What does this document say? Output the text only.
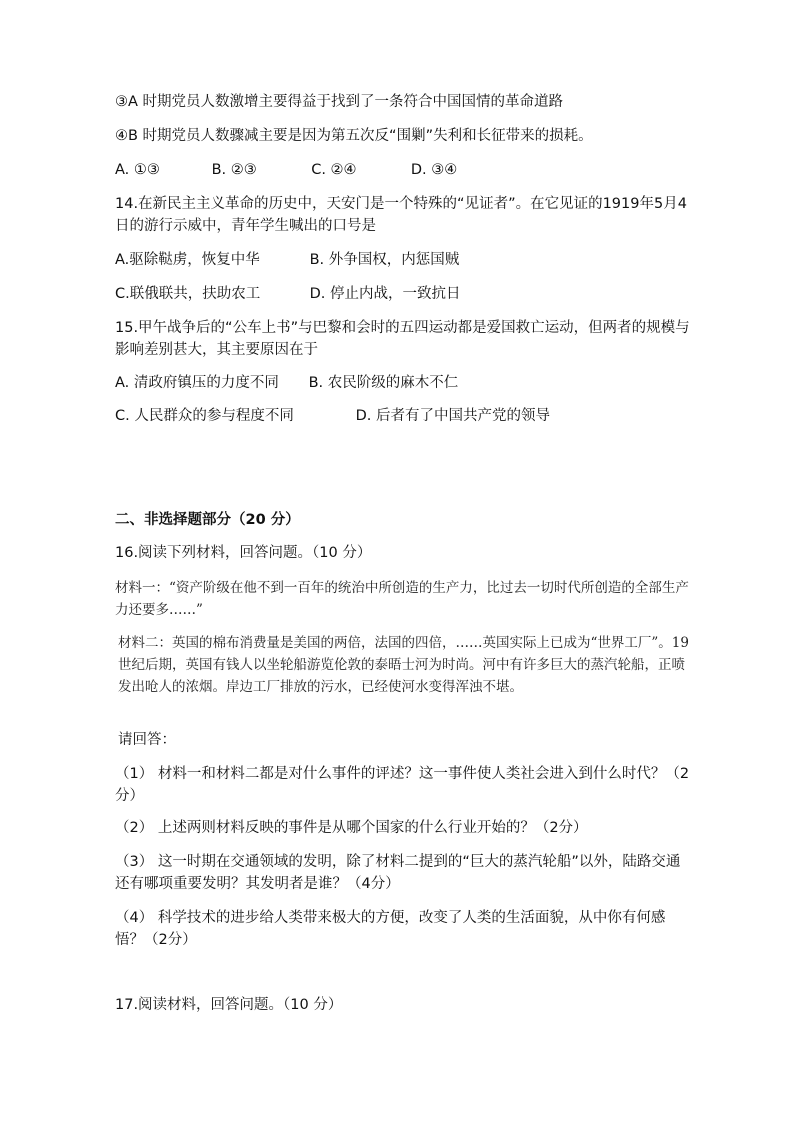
③A 时期党员人数激增主要得益于找到了一条符合中国国情的革命道路
④B 时期党员人数骤减主要是因为第五次反“围剿”失利和长征带来的损耗。
A. ①③	B. ②③	C. ②④	D. ③④
14.在新民主主义革命的历史中，天安门是一个特殊的“见证者”。在它见证的1919年5月4日的游行示威中，青年学生喊出的口号是
A.驱除鞑虏，恢复中华	B. 外争国权，内惩国贼
C.联俄联共，扶助农工	D. 停止内战，一致抗日
15.甲午战争后的“公车上书”与巴黎和会时的五四运动都是爱国救亡运动，但两者的规模与影响差别甚大，其主要原因在于
A. 清政府镇压的力度不同 B. 农民阶级的麻木不仁
C. 人民群众的参与程度不同	D. 后者有了中国共产党的领导
二、非选择题部分（20 分）
16.阅读下列材料，回答问题。（10 分）
材料一：“资产阶级在他不到一百年的统治中所创造的生产力，比过去一切时代所创造的全部生产力还要多……”
材料二：英国的棉布消费量是美国的两倍，法国的四倍，……英国实际上已成为“世界工厂”。19 世纪后期，英国有钱人以坐轮船游览伦敦的泰晤士河为时尚。河中有许多巨大的蒸汽轮船，正喷发出呛人的浓烟。岸边工厂排放的污水，已经使河水变得浑浊不堪。
请回答：
（1） 材料一和材料二都是对什么事件的评述？这一事件使人类社会进入到什么时代？（2分）
（2） 上述两则材料反映的事件是从哪个国家的什么行业开始的？（2分）
（3） 这一时期在交通领域的发明，除了材料二提到的“巨大的蒸汽轮船”以外，陆路交通还有哪项重要发明？其发明者是谁？（4分）
（4） 科学技术的进步给人类带来极大的方便，改变了人类的生活面貌，从中你有何感悟？（2分）
17.阅读材料，回答问题。（10 分）
